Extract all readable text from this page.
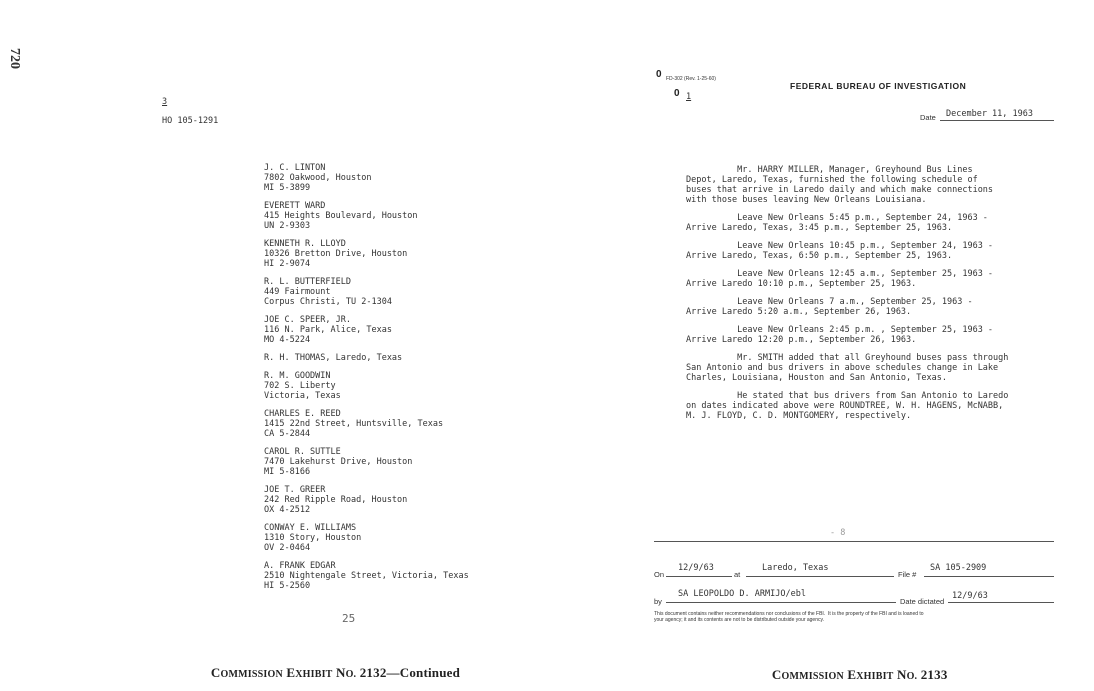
720
3
HO 105-1291
J. C. LINTON
7802 Oakwood, Houston
MI 5-3899
EVERETT WARD
415 Heights Boulevard, Houston
UN 2-9303
KENNETH R. LLOYD
10326 Bretton Drive, Houston
HI 2-9074
R. L. BUTTERFIELD
449 Fairmount
Corpus Christi, TU 2-1304
JOE C. SPEER, JR.
116 N. Park, Alice, Texas
MO 4-5224
R. H. THOMAS, Laredo, Texas
R. M. GOODWIN
702 S. Liberty
Victoria, Texas
CHARLES E. REED
1415 22nd Street, Huntsville, Texas
CA 5-2844
CAROL R. SUTTLE
7470 Lakehurst Drive, Houston
MI 5-8166
JOE T. GREER
242 Red Ripple Road, Houston
OX 4-2512
CONWAY E. WILLIAMS
1310 Story, Houston
OV 2-0464
A. FRANK EDGAR
2510 Nightengale Street, Victoria, Texas
HI 5-2560
25

COMMISSION EXHIBIT NO. 2132—Continued

0 FD-302 (Rev. 1-25-60)
0 1
FEDERAL BUREAU OF INVESTIGATION
Date December 11, 1963
Mr. HARRY MILLER, Manager, Greyhound Bus Lines
Depot, Laredo, Texas, furnished the following schedule of
buses that arrive in Laredo daily and which make connections
with those buses leaving New Orleans Louisiana.
Leave New Orleans 5:45 p.m., September 24, 1963 -
Arrive Laredo, Texas, 3:45 p.m., September 25, 1963.
Leave New Orleans 10:45 p.m., September 24, 1963 -
Arrive Laredo, Texas, 6:50 p.m., September 25, 1963.
Leave New Orleans 12:45 a.m., September 25, 1963 -
Arrive Laredo 10:10 p.m., September 25, 1963.
Leave New Orleans 7 a.m., September 25, 1963 -
Arrive Laredo 5:20 a.m., September 26, 1963.
Leave New Orleans 2:45 p.m. , September 25, 1963 -
Arrive Laredo 12:20 p.m., September 26, 1963.
Mr. SMITH added that all Greyhound buses pass through
San Antonio and bus drivers in above schedules change in Lake
Charles, Louisiana, Houston and San Antonio, Texas.
He stated that bus drivers from San Antonio to Laredo
on dates indicated above were ROUNDTREE, W. H. HAGENS, McNABB,
M. J. FLOYD, C. D. MONTGOMERY, respectively.
- 8
On
12/9/63
at
Laredo, Texas
File #
SA 105-2909
by
SA LEOPOLDO D. ARMIJO/ebl
Date dictated
12/9/63
This document contains neither recommendations nor conclusions of the FBI.  It is the property of the FBI and is loaned to
your agency; it and its contents are not to be distributed outside your agency.

COMMISSION EXHIBIT NO. 2133
